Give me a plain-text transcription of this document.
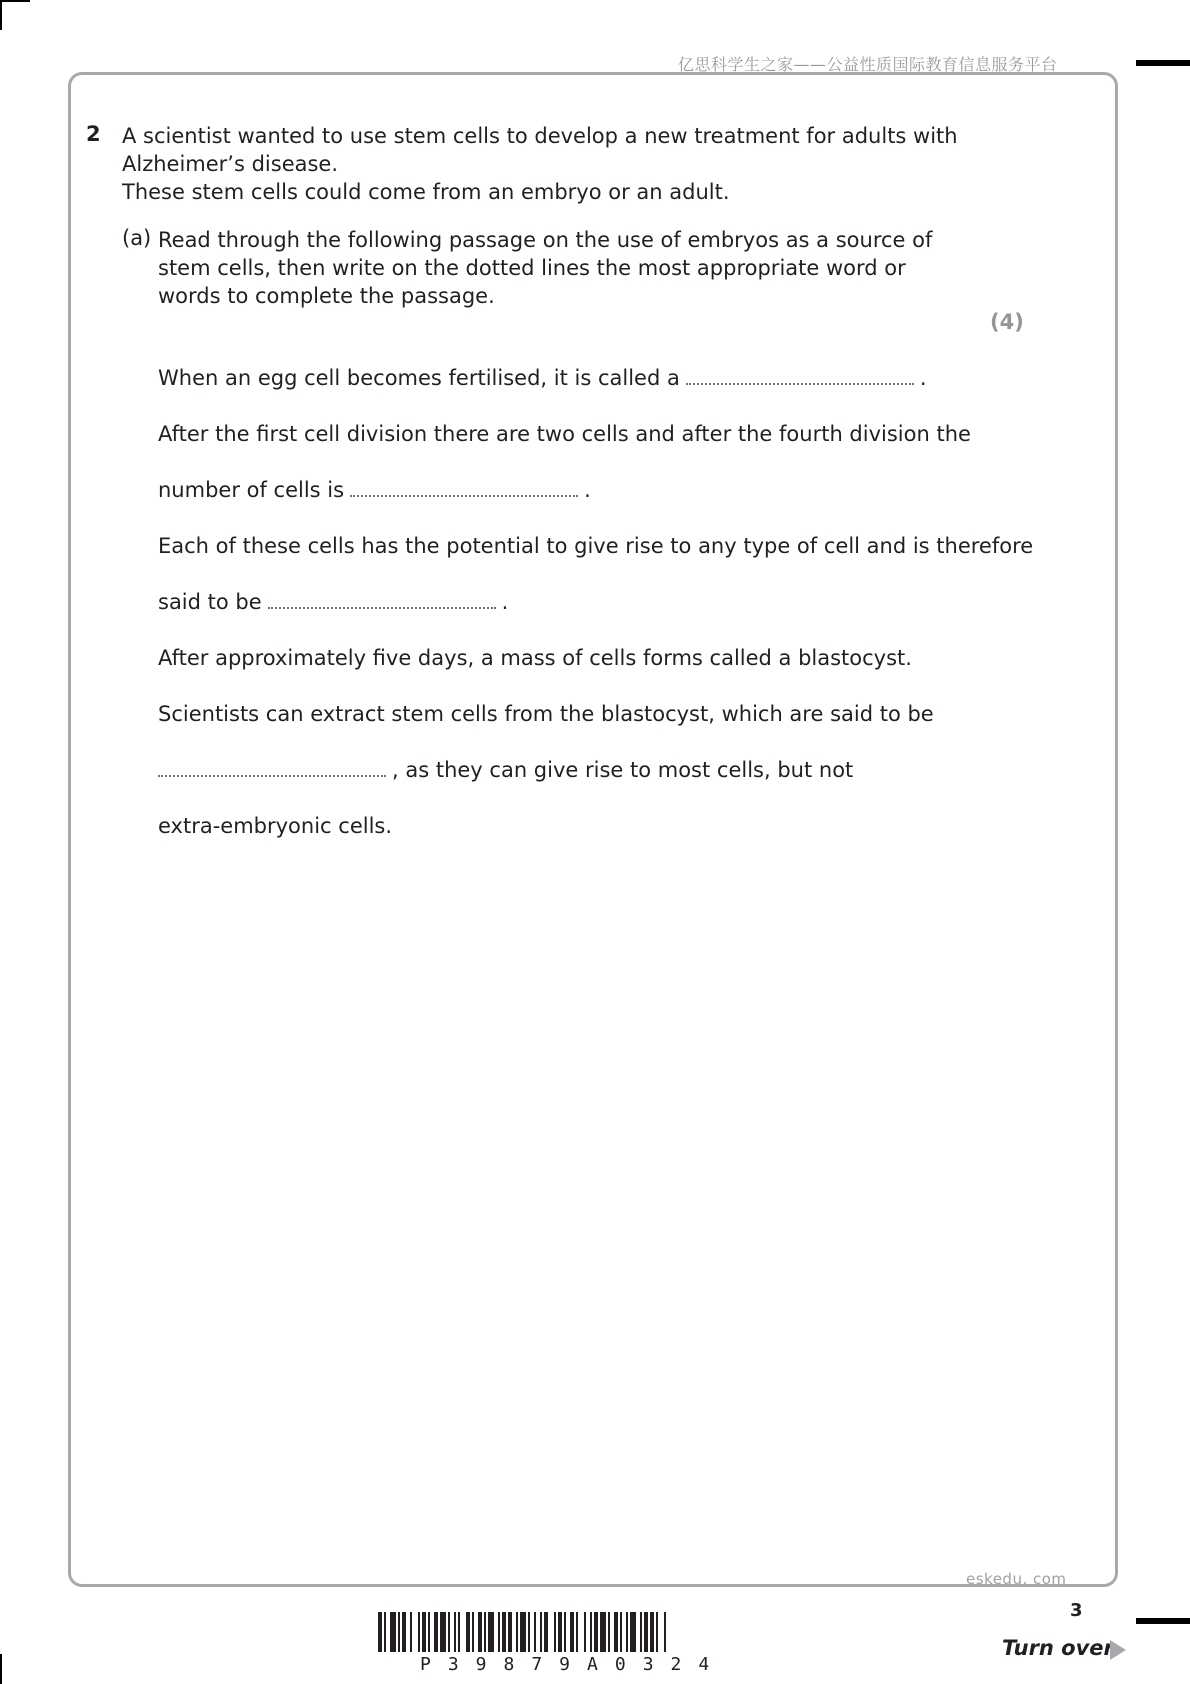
亿思科学生之家——公益性质国际教育信息服务平台
2 A scientist wanted to use stem cells to develop a new treatment for adults with

Alzheimer’s disease.

These stem cells could come from an embryo or an adult.

(a) Read through the following passage on the use of embryos as a source of stem cells, then write on the dotted lines the most appropriate word or words to complete the passage.
(4)
When an egg cell becomes fertilised, it is called a	.
After the first cell division there are two cells and after the fourth division the
number of cells is	.
Each of these cells has the potential to give rise to any type of cell and is therefore
said to be	.
After approximately five days, a mass of cells forms called a blastocyst.
Scientists can extract stem cells from the blastocyst, which are said to be
, as they can give rise to most cells, but not
extra-embryonic cells.
eskedu. com
3
Turn over
P39879A0324
